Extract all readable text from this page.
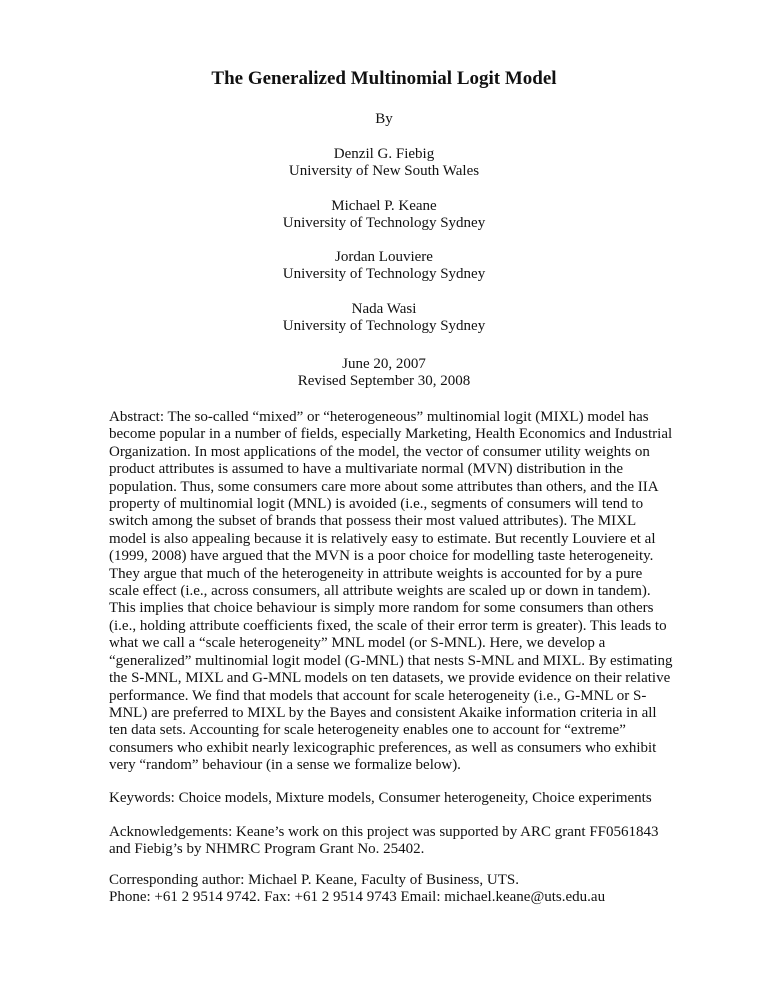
The Generalized Multinomial Logit Model
By
Denzil G. Fiebig
University of New South Wales
Michael P. Keane
University of Technology Sydney
Jordan Louviere
University of Technology Sydney
Nada Wasi
University of Technology Sydney
June 20, 2007
Revised September 30, 2008
Abstract: The so-called “mixed” or “heterogeneous” multinomial logit (MIXL) model has
become popular in a number of fields, especially Marketing, Health Economics and Industrial
Organization. In most applications of the model, the vector of consumer utility weights on
product attributes is assumed to have a multivariate normal (MVN) distribution in the
population. Thus, some consumers care more about some attributes than others, and the IIA
property of multinomial logit (MNL) is avoided (i.e., segments of consumers will tend to
switch among the subset of brands that possess their most valued attributes). The MIXL
model is also appealing because it is relatively easy to estimate. But recently Louviere et al
(1999, 2008) have argued that the MVN is a poor choice for modelling taste heterogeneity.
They argue that much of the heterogeneity in attribute weights is accounted for by a pure
scale effect (i.e., across consumers, all attribute weights are scaled up or down in tandem).
This implies that choice behaviour is simply more random for some consumers than others
(i.e., holding attribute coefficients fixed, the scale of their error term is greater). This leads to
what we call a “scale heterogeneity” MNL model (or S-MNL). Here, we develop a
“generalized” multinomial logit model (G-MNL) that nests S-MNL and MIXL. By estimating
the S-MNL, MIXL and G-MNL models on ten datasets, we provide evidence on their relative
performance. We find that models that account for scale heterogeneity (i.e., G-MNL or S-
MNL) are preferred to MIXL by the Bayes and consistent Akaike information criteria in all
ten data sets. Accounting for scale heterogeneity enables one to account for “extreme”
consumers who exhibit nearly lexicographic preferences, as well as consumers who exhibit
very “random” behaviour (in a sense we formalize below).
Keywords: Choice models, Mixture models, Consumer heterogeneity, Choice experiments
Acknowledgements: Keane’s work on this project was supported by ARC grant FF0561843
and Fiebig’s by NHMRC Program Grant No. 25402.
Corresponding author: Michael P. Keane, Faculty of Business, UTS.
Phone: +61 2 9514 9742. Fax: +61 2 9514 9743 Email: michael.keane@uts.edu.au
